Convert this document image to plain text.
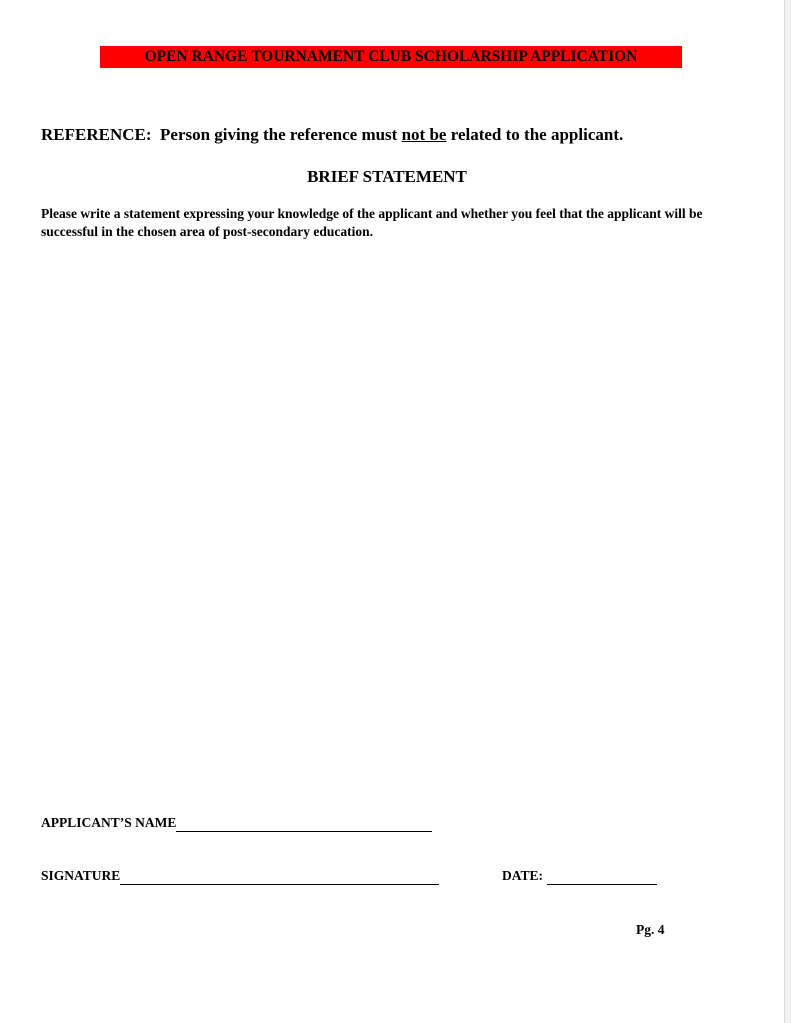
OPEN RANGE TOURNAMENT CLUB SCHOLARSHIP APPLICATION
REFERENCE: Person giving the reference must not be related to the applicant.
BRIEF STATEMENT
Please write a statement expressing your knowledge of the applicant and whether you feel that the applicant will be successful in the chosen area of post-secondary education.
APPLICANT’S NAME
SIGNATURE	DATE:
Pg. 4
